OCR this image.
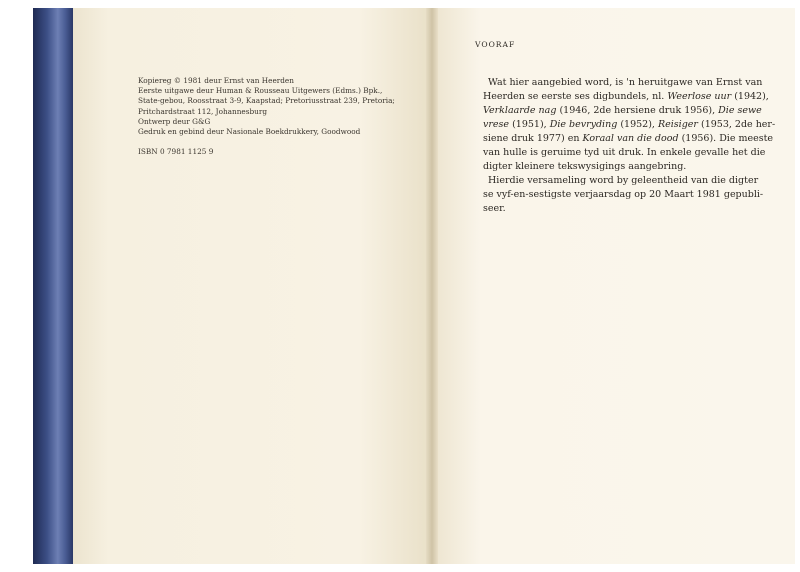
Kopiereg © 1981 deur Ernst van Heerden

Eerste uitgawe deur Human & Rousseau Uitgewers (Edms.) Bpk.,

State-gebou, Roosstraat 3-9, Kaapstad; Pretoriusstraat 239, Pretoria;

Pritchardstraat 112, Johannesburg

Ontwerp deur G&G

Gedruk en gebind deur Nasionale Boekdrukkery, Goodwood

ISBN 0 7981 1125 9

VOORAF
Wat hier aangebied word, is 'n heruitgawe van Ernst van
Heerden se eerste ses digbundels, nl. Weerlose uur (1942),
Verklaarde nag (1946, 2de hersiene druk 1956), Die sewe
vrese (1951), Die bevryding (1952), Reisiger (1953, 2de her-
siene druk 1977) en Koraal van die dood (1956). Die meeste
van hulle is geruime tyd uit druk. In enkele gevalle het die
digter kleinere tekswysigings aangebring.
Hierdie versameling word by geleentheid van die digter
se vyf-en-sestigste verjaarsdag op 20 Maart 1981 gepubli-
seer.
